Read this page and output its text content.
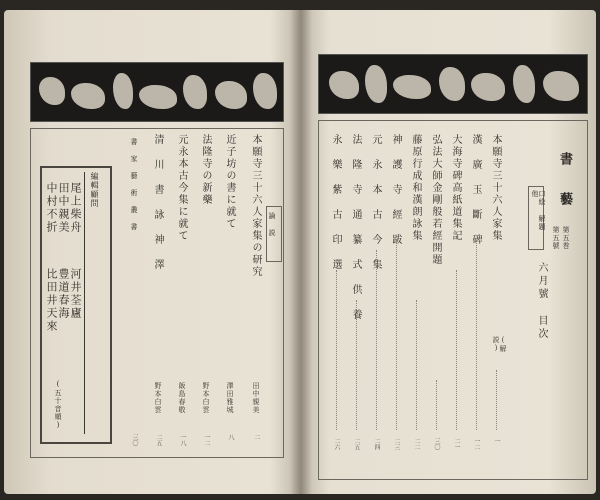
編輯顧問
尾上柴舟
河井荃廬
田中親美
豊道春海
中村不折
比田井天來
(五十音順)
論 説
本願寺三十六人家集の研究
田中親美
二
近子坊の書に就て
澤田雅城
八
法隆寺の新藥
野本白雲
一二
元永本古今集に就て
飯島春敬
一八
清 川 書 詠 神 澤
野本白雲
二五
書 家 藝 術 叢 書
三〇
書 藝
第五巻
第五號
口絵 解題 他
六月號 目次
本願寺三十六人家集
(解説)
一
漢 廣 玉 斷 碑
一二
大海寺碑高紙道集記
二一
弘法大師金剛般若經開題
三〇
藤原行成和漢朗詠集
二二
神 護 寺 經 跋
二三
元 永 本 古 今 集
二四
法 隆 寺 通 纂 式 供 養
二五
永 樂 紫 古 印 選
二六
